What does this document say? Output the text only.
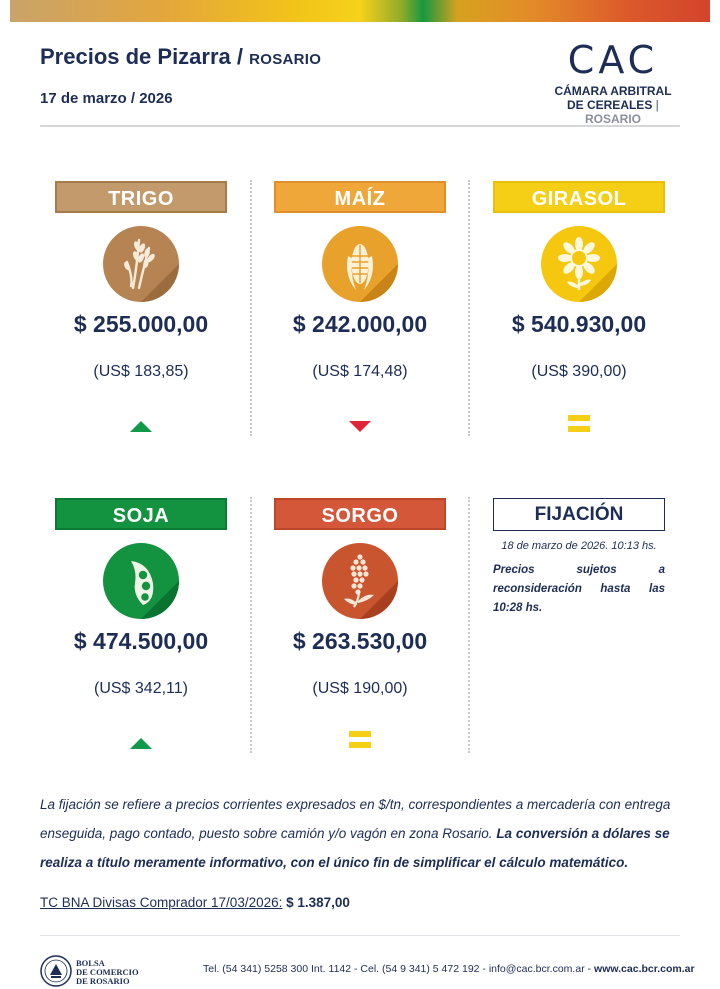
Precios de Pizarra / ROSARIO
17 de marzo / 2026
CAC
CÁMARA ARBITRAL
DE CEREALES | ROSARIO
TRIGO
$ 255.000,00
(US$ 183,85)
MAÍZ
$ 242.000,00
(US$ 174,48)
GIRASOL
$ 540.930,00
(US$ 390,00)
SOJA
$ 474.500,00
(US$ 342,11)
SORGO
$ 263.530,00
(US$ 190,00)
FIJACIÓN
18 de marzo de 2026. 10:13 hs.
Precios sujetos a reconsideración hasta las 10:28 hs.
La fijación se refiere a precios corrientes expresados en $/tn, correspondientes a mercadería con entrega enseguida, pago contado, puesto sobre camión y/o vagón en zona Rosario. La conversión a dólares se realiza a título meramente informativo, con el único fin de simplificar el cálculo matemático.
TC BNA Divisas Comprador 17/03/2026: $ 1.387,00
BOLSA
DE COMERCIO
DE ROSARIO
Tel. (54 341) 5258 300 Int. 1142 - Cel. (54 9 341) 5 472 192 - info@cac.bcr.com.ar - www.cac.bcr.com.ar
